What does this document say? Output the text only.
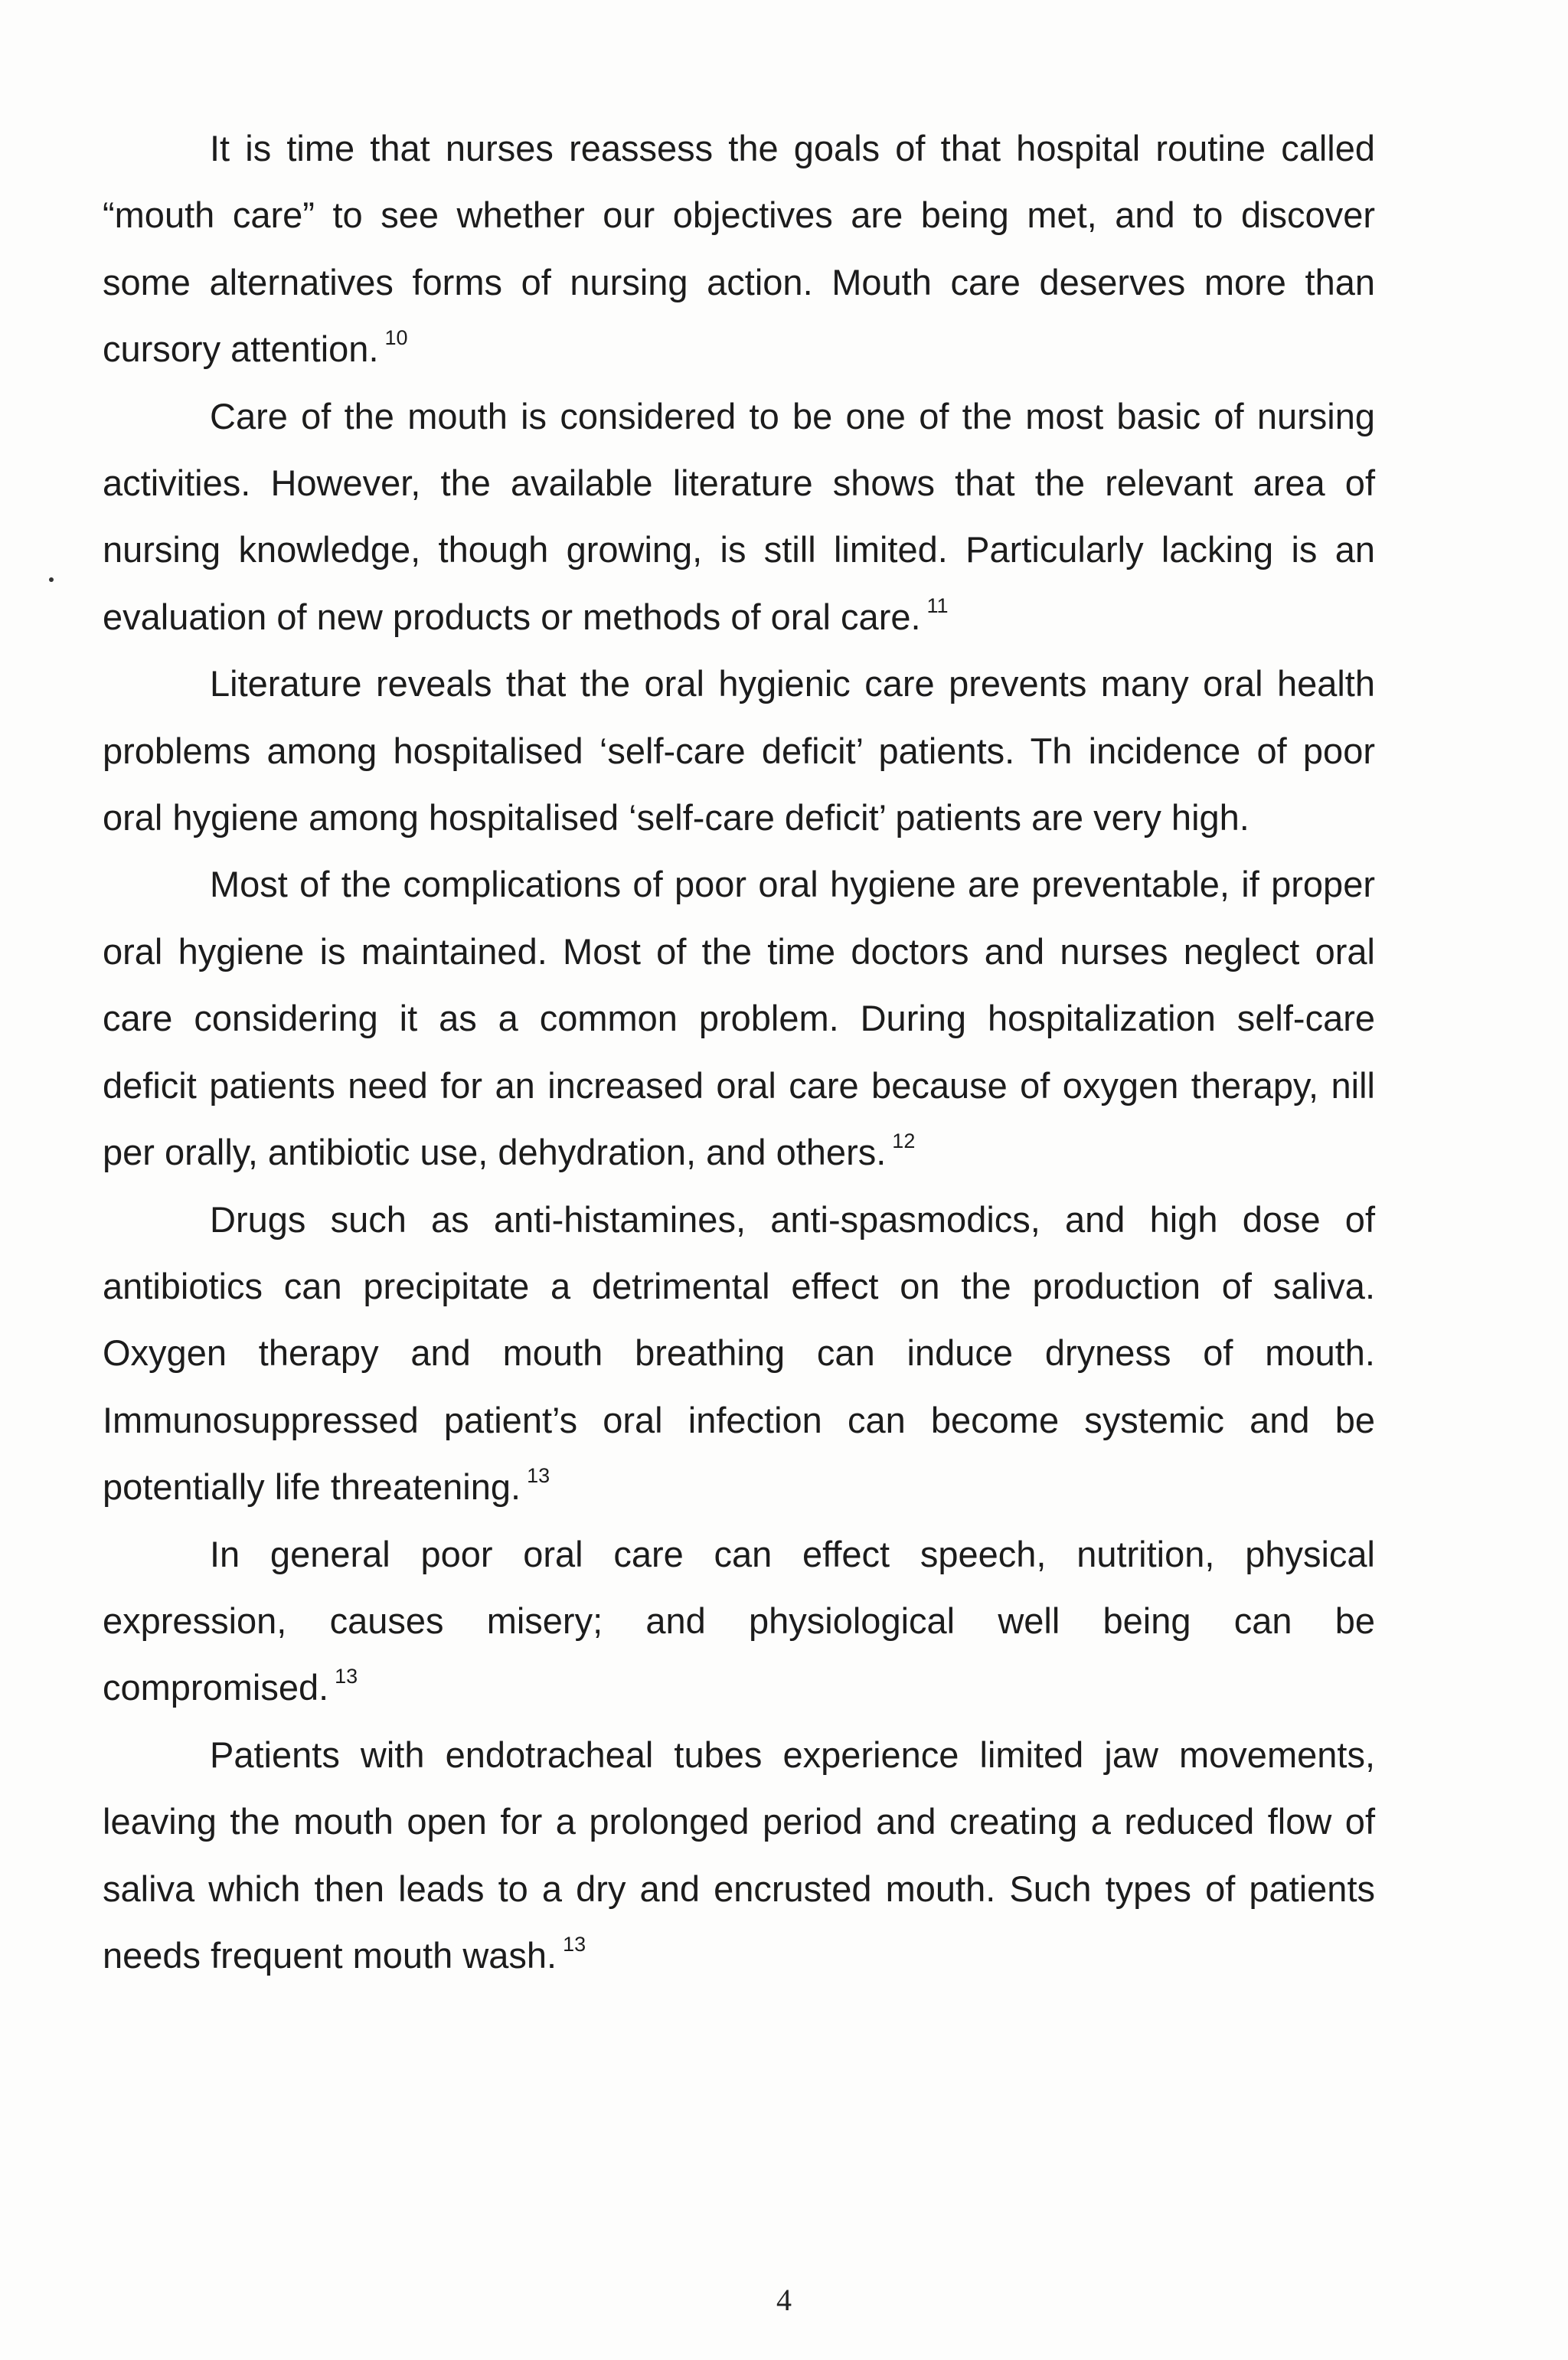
It is time that nurses reassess the goals of that hospital routine called “mouth care” to see whether our objectives are being met, and to discover some alternatives forms of nursing action. Mouth care deserves more than cursory attention. $^{10}$

Care of the mouth is considered to be one of the most basic of nursing activities. However, the available literature shows that the relevant area of nursing knowledge, though growing, is still limited. Particularly lacking is an evaluation of new products or methods of oral care. $^{11}$

Literature reveals that the oral hygienic care prevents many oral health problems among hospitalised ‘self-care deficit’ patients. Th incidence of poor oral hygiene among hospitalised ‘self-care deficit’ patients are very high.

Most of the complications of poor oral hygiene are preventable, if proper oral hygiene is maintained. Most of the time doctors and nurses neglect oral care considering it as a common problem. During hospitalization self-care deficit patients need for an increased oral care because of oxygen therapy, nill per orally, antibiotic use, dehydration, and others. $^{12}$

Drugs such as anti-histamines, anti-spasmodics, and high dose of antibiotics can precipitate a detrimental effect on the production of saliva. Oxygen therapy and mouth breathing can induce dryness of mouth. Immunosuppressed patient’s oral infection can become systemic and be potentially life threatening. $^{13}$

In general poor oral care can effect speech, nutrition, physical expression, causes misery; and physiological well being can be compromised. $^{13}$

Patients with endotracheal tubes experience limited jaw movements, leaving the mouth open for a prolonged period and creating a reduced flow of saliva which then leads to a dry and encrusted mouth. Such types of patients needs frequent mouth wash. $^{13}$

4
